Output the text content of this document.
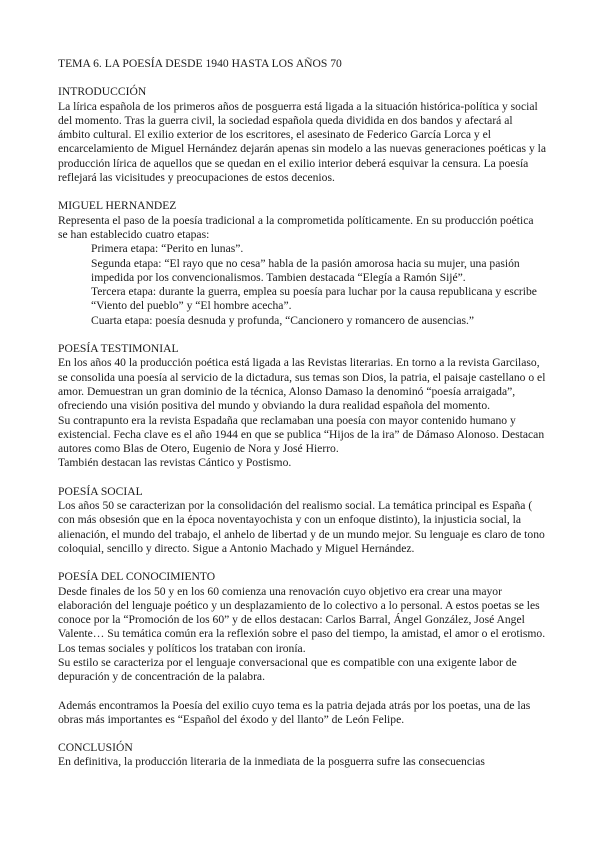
TEMA 6. LA POESÍA DESDE 1940 HASTA LOS AÑOS 70
INTRODUCCIÓN

La lírica española de los primeros años de posguerra está ligada a la situación histórica-política y social del momento. Tras la guerra civil, la sociedad española queda dividida en dos bandos y afectará al ámbito cultural. El exilio exterior de los escritores, el asesinato de Federico García Lorca y el encarcelamiento de Miguel Hernández dejarán apenas sin modelo a las nuevas generaciones poéticas y la producción lírica de aquellos que se quedan en el exilio interior deberá esquivar la censura. La poesía reflejará las vicisitudes y preocupaciones de estos decenios.

MIGUEL HERNANDEZ

Representa el paso de la poesía tradicional a la comprometida políticamente. En su producción poética se han establecido cuatro etapas:

Primera etapa: “Perito en lunas”.

Segunda etapa: “El rayo que no cesa” habla de la pasión amorosa hacia su mujer, una pasión impedida por los convencionalismos. Tambien destacada “Elegía a Ramón Sijé”.

Tercera etapa: durante la guerra, emplea su poesía para luchar por la causa republicana y escribe “Viento del pueblo” y “El hombre acecha”.

Cuarta etapa: poesía desnuda y profunda, “Cancionero y romancero de ausencias.”

POESÍA TESTIMONIAL

En los años 40 la producción poética está ligada a las Revistas literarias. En torno a la revista Garcilaso, se consolida una poesía al servicio de la dictadura, sus temas son Dios, la patria, el paisaje castellano o el amor. Demuestran un gran dominio de la técnica, Alonso Damaso la denominó “poesía arraigada”, ofreciendo una visión positiva del mundo y obviando la dura realidad española del momento.

Su contrapunto era la revista Espadaña que reclamaban una poesía con mayor contenido humano y existencial. Fecha clave es el año 1944 en que se publica “Hijos de la ira” de Dámaso Alonoso. Destacan autores como Blas de Otero, Eugenio de Nora y José Hierro.

También destacan las revistas Cántico y Postismo.

POESÍA SOCIAL

Los años 50 se caracterizan por la consolidación del realismo social. La temática principal es España ( con más obsesión que en la época noventayochista y con un enfoque distinto), la injusticia social, la alienación, el mundo del trabajo, el anhelo de libertad y de un mundo mejor. Su lenguaje es claro de tono coloquial, sencillo y directo. Sigue a Antonio Machado y Miguel Hernández.

POESÍA DEL CONOCIMIENTO

Desde finales de los 50 y en los 60 comienza una renovación cuyo objetivo era crear una mayor elaboración del lenguaje poético y un desplazamiento de lo colectivo a lo personal. A estos poetas se les conoce por la “Promoción de los 60” y de ellos destacan: Carlos Barral, Ángel González, José Angel Valente… Su temática común era la reflexión sobre el paso del tiempo, la amistad, el amor o el erotismo. Los temas sociales y políticos los trataban con ironía.

Su estilo se caracteriza por el lenguaje conversacional que es compatible con una exigente labor de depuración y de concentración de la palabra.

Además encontramos la Poesía del exilio cuyo tema es la patria dejada atrás por los poetas, una de las obras más importantes es “Español del éxodo y del llanto” de León Felipe.

CONCLUSIÓN

En definitiva, la producción literaria de la inmediata de la posguerra sufre las consecuencias
